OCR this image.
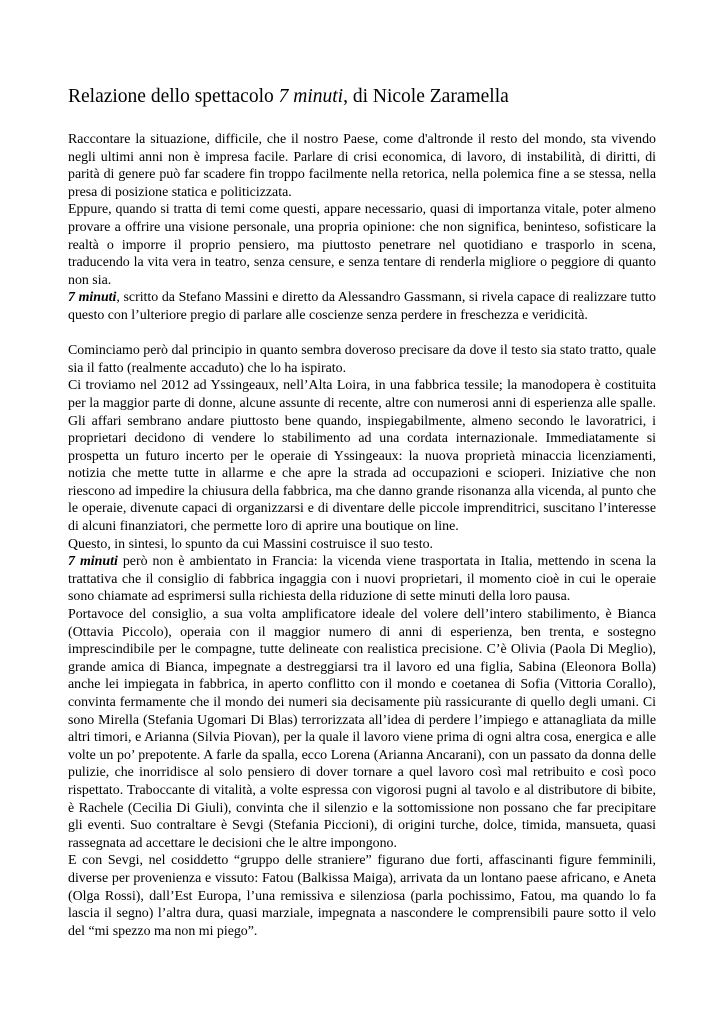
Relazione dello spettacolo 7 minuti, di Nicole Zaramella

Raccontare la situazione, difficile, che il nostro Paese, come d'altronde il resto del mondo, sta vivendo negli ultimi anni non è impresa facile. Parlare di crisi economica, di lavoro, di instabilità, di diritti, di parità di genere può far scadere fin troppo facilmente nella retorica, nella polemica fine a se stessa, nella presa di posizione statica e politicizzata.

Eppure, quando si tratta di temi come questi, appare necessario, quasi di importanza vitale, poter almeno provare a offrire una visione personale, una propria opinione: che non significa, beninteso, sofisticare la realtà o imporre il proprio pensiero, ma piuttosto penetrare nel quotidiano e trasporlo in scena, traducendo la vita vera in teatro, senza censure, e senza tentare di renderla migliore o peggiore di quanto non sia.

7 minuti, scritto da Stefano Massini e diretto da Alessandro Gassmann, si rivela capace di realizzare tutto questo con l’ulteriore pregio di parlare alle coscienze senza perdere in freschezza e veridicità.

Cominciamo però dal principio in quanto sembra doveroso precisare da dove il testo sia stato tratto, quale sia il fatto (realmente accaduto) che lo ha ispirato.

Ci troviamo nel 2012 ad Yssingeaux, nell’Alta Loira, in una fabbrica tessile; la manodopera è costituita per la maggior parte di donne, alcune assunte di recente, altre con numerosi anni di esperienza alle spalle. Gli affari sembrano andare piuttosto bene quando, inspiegabilmente, almeno secondo le lavoratrici, i proprietari decidono di vendere lo stabilimento ad una cordata internazionale. Immediatamente si prospetta un futuro incerto per le operaie di Yssingeaux: la nuova proprietà minaccia licenziamenti, notizia che mette tutte in allarme e che apre la strada ad occupazioni e scioperi. Iniziative che non riescono ad impedire la chiusura della fabbrica, ma che danno grande risonanza alla vicenda, al punto che le operaie, divenute capaci di organizzarsi e di diventare delle piccole imprenditrici, suscitano l’interesse di alcuni finanziatori, che permette loro di aprire una boutique on line.

Questo, in sintesi, lo spunto da cui Massini costruisce il suo testo.

7 minuti però non è ambientato in Francia: la vicenda viene trasportata in Italia, mettendo in scena la trattativa che il consiglio di fabbrica ingaggia con i nuovi proprietari, il momento cioè in cui le operaie sono chiamate ad esprimersi sulla richiesta della riduzione di sette minuti della loro pausa.

Portavoce del consiglio, a sua volta amplificatore ideale del volere dell’intero stabilimento, è Bianca (Ottavia Piccolo), operaia con il maggior numero di anni di esperienza, ben trenta, e sostegno imprescindibile per le compagne, tutte delineate con realistica precisione. C’è Olivia (Paola Di Meglio), grande amica di Bianca, impegnate a destreggiarsi tra il lavoro ed una figlia, Sabina (Eleonora Bolla) anche lei impiegata in fabbrica, in aperto conflitto con il mondo e coetanea di Sofia (Vittoria Corallo), convinta fermamente che il mondo dei numeri sia decisamente più rassicurante di quello degli umani. Ci sono Mirella (Stefania Ugomari Di Blas) terrorizzata all’idea di perdere l’impiego e attanagliata da mille altri timori, e Arianna (Silvia Piovan), per la quale il lavoro viene prima di ogni altra cosa, energica e alle volte un po’ prepotente. A farle da spalla, ecco Lorena (Arianna Ancarani), con un passato da donna delle pulizie, che inorridisce al solo pensiero di dover tornare a quel lavoro così mal retribuito e così poco rispettato. Traboccante di vitalità, a volte espressa con vigorosi pugni al tavolo e al distributore di bibite, è Rachele (Cecilia Di Giuli), convinta che il silenzio e la sottomissione non possano che far precipitare gli eventi. Suo contraltare è Sevgi (Stefania Piccioni), di origini turche, dolce, timida, mansueta, quasi rassegnata ad accettare le decisioni che le altre impongono.

E con Sevgi, nel cosiddetto “gruppo delle straniere” figurano due forti, affascinanti figure femminili, diverse per provenienza e vissuto: Fatou (Balkissa Maiga), arrivata da un lontano paese africano, e Aneta (Olga Rossi), dall’Est Europa, l’una remissiva e silenziosa (parla pochissimo, Fatou, ma quando lo fa lascia il segno) l’altra dura, quasi marziale, impegnata a nascondere le comprensibili paure sotto il velo del “mi spezzo ma non mi piego”.
